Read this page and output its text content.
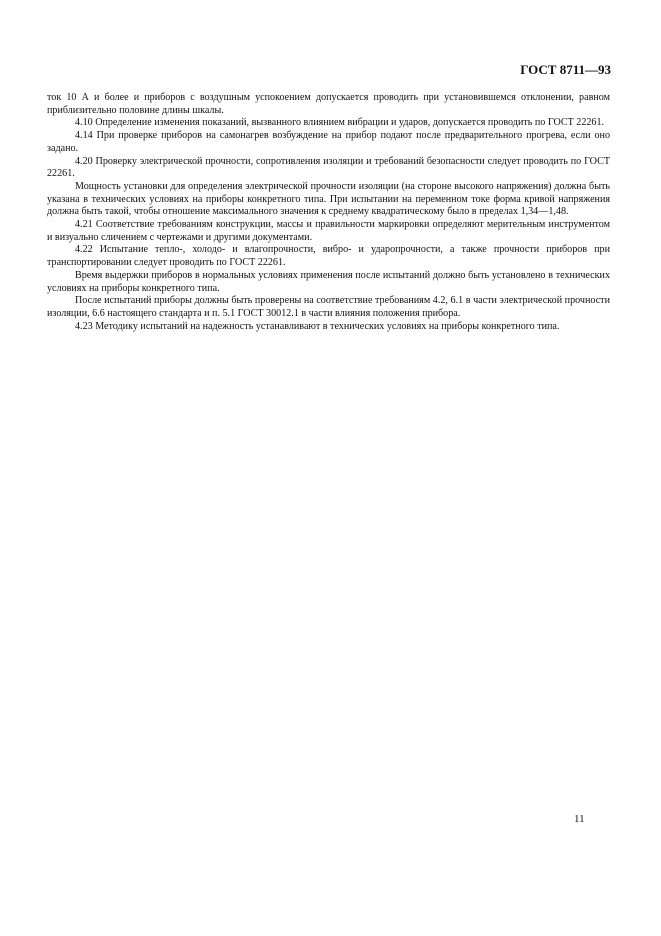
ГОСТ 8711—93

ток 10 А и более и приборов с воздушным успокоением допускается проводить при установившемся отклонении, равном приблизительно половине длины шкалы.

4.10 Определение изменения показаний, вызванного влиянием вибрации и ударов, допускается проводить по ГОСТ 22261.

4.14 При проверке приборов на самонагрев возбуждение на прибор подают после предварительного прогрева, если оно задано.

4.20 Проверку электрической прочности, сопротивления изоляции и требований безопасности следует проводить по ГОСТ 22261.

Мощность установки для определения электрической прочности изоляции (на стороне высокого напряжения) должна быть указана в технических условиях на приборы конкретного типа. При испытании на переменном токе форма кривой напряжения должна быть такой, чтобы отношение максимального значения к среднему квадратическому было в пределах 1,34—1,48.

4.21 Соответствие требованиям конструкции, массы и правильности маркировки определяют мерительным инструментом и визуально сличением с чертежами и другими документами.

4.22 Испытание тепло-, холодо- и влагопрочности, вибро- и ударопрочности, а также прочности приборов при транспортировании следует проводить по ГОСТ 22261.

Время выдержки приборов в нормальных условиях применения после испытаний должно быть установлено в технических условиях на приборы конкретного типа.

После испытаний приборы должны быть проверены на соответствие требованиям 4.2, 6.1 в части электрической прочности изоляции, 6.6 настоящего стандарта и п. 5.1 ГОСТ 30012.1 в части влияния положения прибора.

4.23 Методику испытаний на надежность устанавливают в технических условиях на приборы конкретного типа.

11
